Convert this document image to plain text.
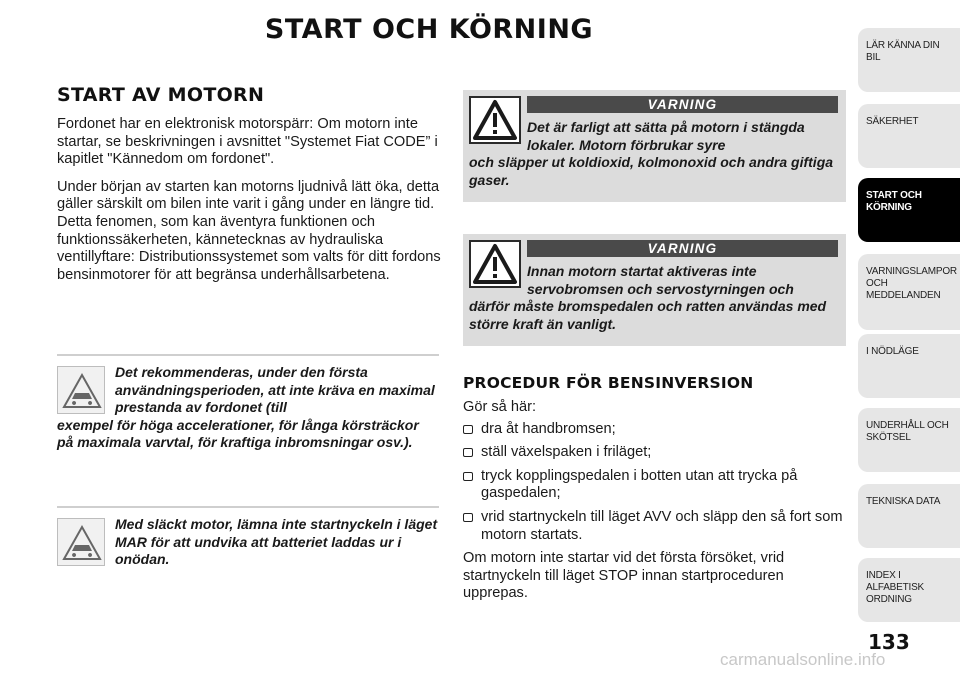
START OCH KÖRNING
START AV MOTORN

Fordonet har en elektronisk motorspärr: Om motorn inte startar, se beskrivningen i avsnittet "Systemet Fiat CODE” i kapitlet "Kännedom om fordonet".

Under början av starten kan motorns ljudnivå lätt öka, detta gäller särskilt om bilen inte varit i gång under en längre tid. Detta fenomen, som kan äventyra funktionen och funktionssäkerheten, kännetecknas av hydrauliska ventillyftare: Distributionssystemet som valts för ditt fordons bensinmotorer för att begränsa underhållsarbetena.

Det rekommenderas, under den första användningsperioden, att inte kräva en maximal prestanda av fordonet (till
exempel för höga accelerationer, för långa körsträckor på maximala varvtal, för kraftiga inbromsningar osv.).

Med släckt motor, lämna inte startnyckeln i läget MAR för att undvika att batteriet laddas ur i onödan.

VARNING

Det är farligt att sätta på motorn i stängda lokaler. Motorn förbrukar syre
och släpper ut koldioxid, kolmonoxid och andra giftiga gaser.

VARNING

Innan motorn startat aktiveras inte servobromsen och servostyrningen och
därför måste bromspedalen och ratten användas med större kraft än vanligt.

PROCEDUR FÖR BENSINVERSION

Gör så här:

dra åt handbromsen;
ställ växelspaken i friläget;
tryck kopplingspedalen i botten utan att trycka på gaspedalen;
vrid startnyckeln till läget AVV och släpp den så fort som motorn startats.

Om motorn inte startar vid det första försöket, vrid startnyckeln till läget STOP innan startproceduren upprepas.

LÄR KÄNNA DIN BIL
SÄKERHET
START OCH KÖRNING
VARNINGSLAMPOR OCH MEDDELANDEN
I NÖDLÄGE
UNDERHÅLL OCH SKÖTSEL
TEKNISKA DATA
INDEX I ALFABETISK ORDNING
133
carmanualsonline.info
